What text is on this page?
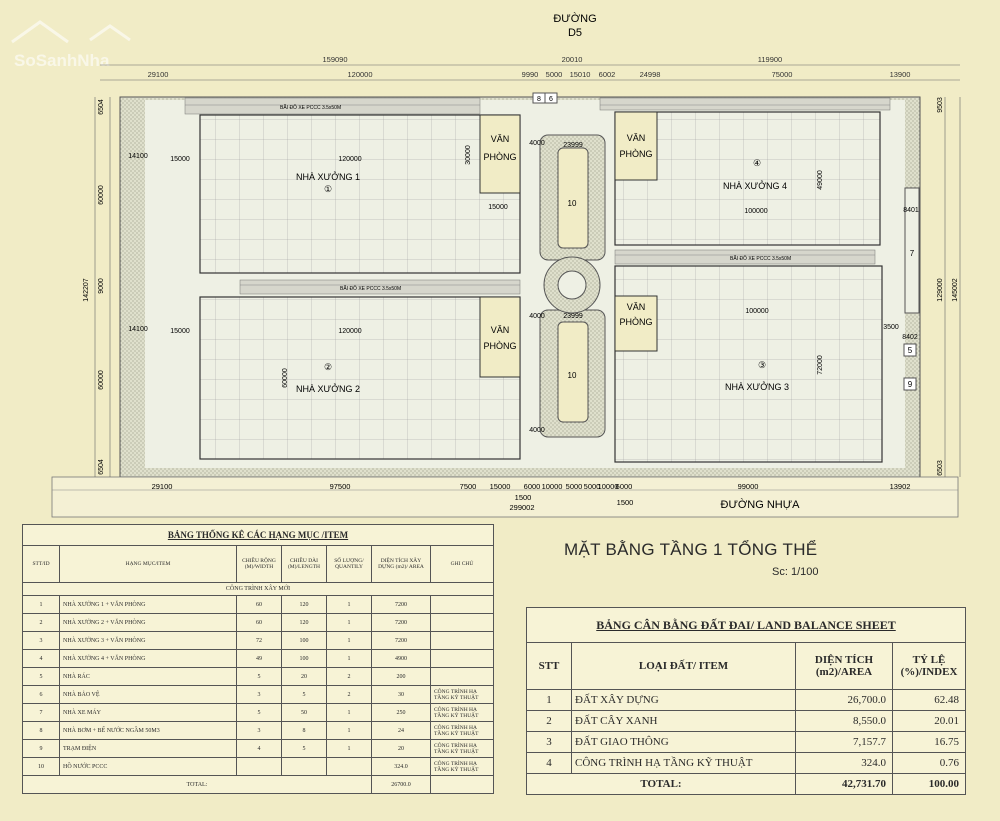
SoSanhNha
ĐƯỜNG
D5
159090	20010	119900
29100	120000	9990 5000 15010 6002	24998	75000	13900
BÃI ĐỖ XE PCCC 3.5x50M
BÃI ĐỖ XE PCCC 3.5x50M
BÃI ĐỖ XE PCCC 3.5x50M
VĂN
PHÒNG
NHÀ XƯỞNG 1
①
120000
15000
14100
15000
30000
VĂN
PHÒNG
②
NHÀ XƯỞNG 2
120000
15000
14100
60000
VĂN
PHÒNG
④
NHÀ XƯỞNG 4
100000
49000
VĂN
PHÒNG
③
NHÀ XƯỞNG 3
100000
72000
10
10
23999
23999
4000
4000
4000
7
5
9
8401
3500
8402
8 6
142207
6504
60000
9000
60000
6504
129000 145002
9503
6503
29100	97500	7500 15000 6000 10000 5000 5000
10000
6000	99000	13902
1500
1500
299002	ĐƯỜNG NHỰA
BẢNG THỐNG KÊ CÁC HẠNG MỤC /ITEM						
STT/ID	HẠNG MỤC/ITEM	CHIỀU RỘNG (M)/WIDTH	CHIỀU DÀI (M)/LENGTH	SỐ LƯỢNG/ QUANTILY	DIỆN TÍCH XÂY DỰNG (m2)/ AREA	GHI CHÚ
CÔNG TRÌNH XÂY MỚI						
1	NHÀ XƯỞNG 1 + VĂN PHÒNG	60	120	1	7200	
2	NHÀ XƯỞNG 2 + VĂN PHÒNG	60	120	1	7200	
3	NHÀ XƯỞNG 3 + VĂN PHÒNG	72	100	1	7200	
4	NHÀ XƯỞNG 4 + VĂN PHÒNG	49	100	1	4900	
5	NHÀ RÁC	5	20	2	200	
6	NHÀ BẢO VỆ	3	5	2	30	CÔNG TRÌNH HẠ TẦNG KỸ THUẬT
7	NHÀ XE MÁY	5	50	1	250	CÔNG TRÌNH HẠ TẦNG KỸ THUẬT
8	NHÀ BƠM + BỂ NƯỚC NGẦM 50M3	3	8	1	24	CÔNG TRÌNH HẠ TẦNG KỸ THUẬT
9	TRẠM ĐIỆN	4	5	1	20	CÔNG TRÌNH HẠ TẦNG KỸ THUẬT
10	HỒ NƯỚC PCCC				324.0	CÔNG TRÌNH HẠ TẦNG KỸ THUẬT
TOTAL:					26700.0	
MẶT BẰNG TẦNG 1 TỔNG THỂ
Sc: 1/100
BẢNG CÂN BẰNG ĐẤT ĐAI/ LAND BALANCE SHEET			
STT	LOẠI ĐẤT/ ITEM	DIỆN TÍCH (m2)/AREA	TỶ LỆ (%)/INDEX
1	ĐẤT XÂY DỰNG	26,700.0	62.48
2	ĐẤT CÂY XANH	8,550.0	20.01
3	ĐẤT GIAO THÔNG	7,157.7	16.75
4	CÔNG TRÌNH HẠ TẦNG KỸ THUẬT	324.0	0.76
TOTAL:		42,731.70	100.00
